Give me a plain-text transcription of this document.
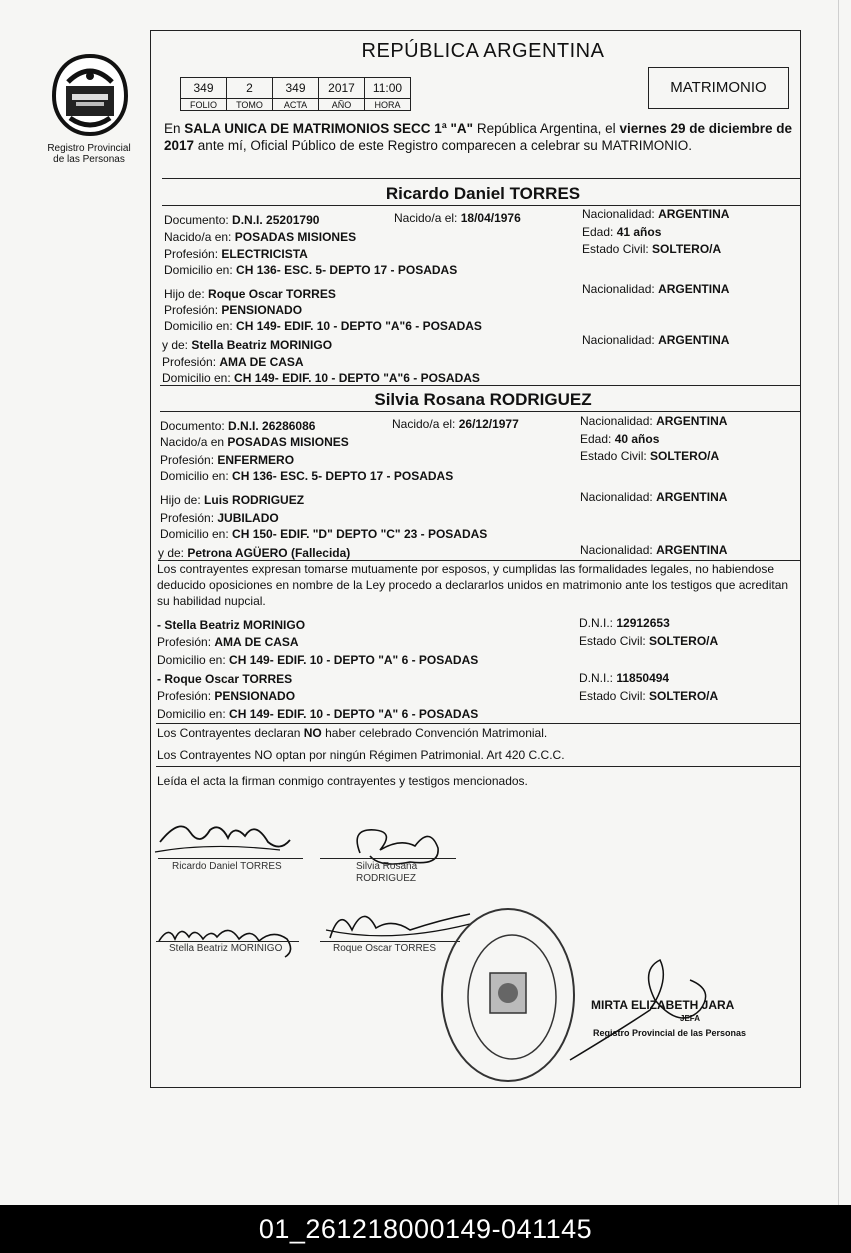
Registro Provincial
de las Personas
REPÚBLICA ARGENTINA
349	2	349	2017	11:00
FOLIO	TOMO	ACTA	AÑO	HORA
MATRIMONIO
En SALA UNICA DE MATRIMONIOS SECC 1ª "A" República Argentina, el viernes 29 de diciembre de 2017 ante mí, Oficial Público de este Registro comparecen a celebrar su MATRIMONIO.
Ricardo Daniel TORRES
Documento: D.N.I. 25201790	Nacido/a el: 18/04/1976	Nacionalidad: ARGENTINA
Nacido/a en: POSADAS MISIONES	Edad: 41 años
Profesión: ELECTRICISTA	Estado Civil: SOLTERO/A
Domicilio en: CH 136- ESC. 5- DEPTO 17 - POSADAS
Hijo de: Roque Oscar TORRES	Nacionalidad: ARGENTINA
Profesión: PENSIONADO
Domicilio en: CH 149- EDIF. 10 - DEPTO "A"6 - POSADAS
y de: Stella Beatriz MORINIGO	Nacionalidad: ARGENTINA
Profesión: AMA DE CASA
Domicilio en: CH 149- EDIF. 10 - DEPTO "A"6 - POSADAS
Silvia Rosana RODRIGUEZ
Documento: D.N.I. 26286086	Nacido/a el: 26/12/1977	Nacionalidad: ARGENTINA
Nacido/a en POSADAS MISIONES	Edad: 40 años
Profesión: ENFERMERO	Estado Civil: SOLTERO/A
Domicilio en: CH 136- ESC. 5- DEPTO 17 - POSADAS
Hijo de: Luis RODRIGUEZ	Nacionalidad: ARGENTINA
Profesión: JUBILADO
Domicilio en: CH 150- EDIF. "D" DEPTO "C" 23 - POSADAS
y de: Petrona AGÜERO (Fallecida)	Nacionalidad: ARGENTINA
Los contrayentes expresan tomarse mutuamente por esposos, y cumplidas las formalidades legales, no habiendose deducido oposiciones en nombre de la Ley procedo a declararlos unidos en matrimonio ante los testigos que acreditan su habilidad nupcial.
- Stella Beatriz MORINIGO	D.N.I.: 12912653
Profesión: AMA DE CASA	Estado Civil: SOLTERO/A
Domicilio en: CH 149- EDIF. 10 - DEPTO "A" 6 - POSADAS
- Roque Oscar TORRES	D.N.I.: 11850494
Profesión: PENSIONADO	Estado Civil: SOLTERO/A
Domicilio en: CH 149- EDIF. 10 - DEPTO "A" 6 - POSADAS
Los Contrayentes declaran NO haber celebrado Convención Matrimonial.
Los Contrayentes NO optan por ningún Régimen Patrimonial. Art 420 C.C.C.
Leída el acta la firman conmigo contrayentes y testigos mencionados.
Ricardo Daniel TORRES	Silvia Rosana
RODRIGUEZ
Stella Beatriz MORINIGO	Roque Oscar TORRES
MIRTA ELIZABETH JARA
JEFA
Registro Provincial de las Personas
01_261218000149-041145
